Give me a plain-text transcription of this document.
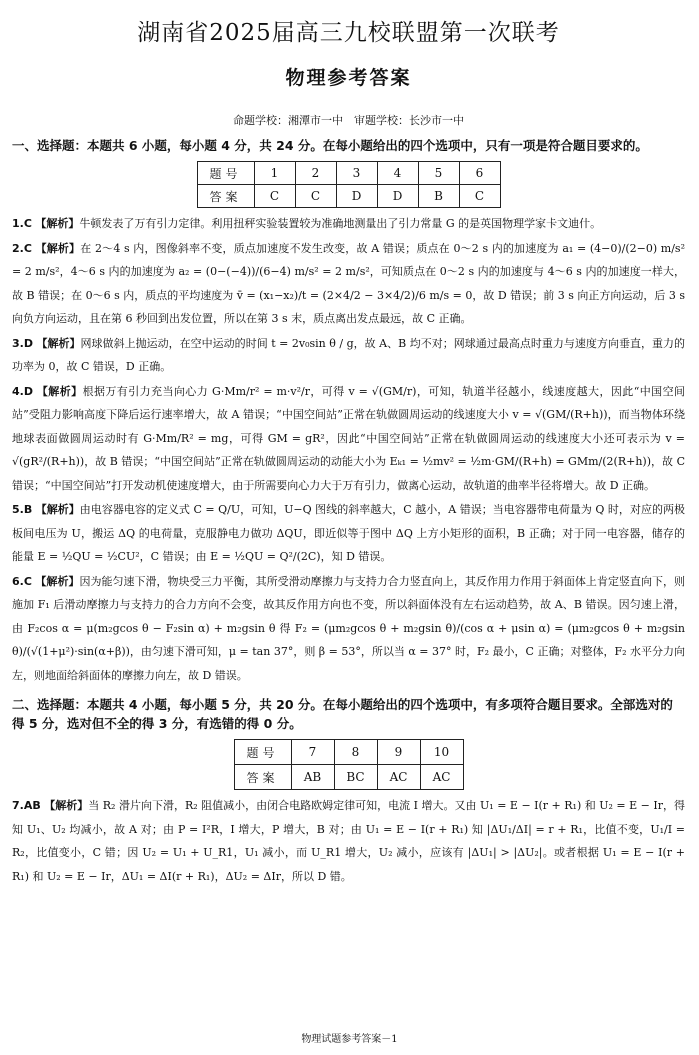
湖南省2025届高三九校联盟第一次联考
物理参考答案
命题学校：湘潭市一中　审题学校：长沙市一中
一、选择题：本题共 6 小题，每小题 4 分，共 24 分。在每小题给出的四个选项中，只有一项是符合题目要求的。
题号	1	2	3	4	5	6
答案	C	C	D	D	B	C
1.C 【解析】牛顿发表了万有引力定律。利用扭秤实验装置较为准确地测量出了引力常量 G 的是英国物理学家卡文迪什。
2.C 【解析】在 2～4 s 内，图像斜率不变，质点加速度不发生改变，故 A 错误；质点在 0～2 s 内的加速度为 a₁ = (4−0)/(2−0) m/s² = 2 m/s²，4～6 s 内的加速度为 a₂ = (0−(−4))/(6−4) m/s² = 2 m/s²，可知质点在 0～2 s 内的加速度与 4～6 s 内的加速度一样大，故 B 错误；在 0～6 s 内，质点的平均速度为 v̄ = (x₁−x₂)/t = (2×4/2 − 3×4/2)/6 m/s = 0，故 D 错误；前 3 s 向正方向运动，后 3 s 向负方向运动，且在第 6 秒回到出发位置，所以在第 3 s 末，质点离出发点最远，故 C 正确。
3.D 【解析】网球做斜上抛运动，在空中运动的时间 t = 2v₀sin θ / g，故 A、B 均不对；网球通过最高点时重力与速度方向垂直，重力的功率为 0，故 C 错误，D 正确。
4.D 【解析】根据万有引力充当向心力 G·Mm/r² = m·v²/r，可得 v = √(GM/r)，可知，轨道半径越小，线速度越大，因此“中国空间站”受阻力影响高度下降后运行速率增大，故 A 错误；“中国空间站”正常在轨做圆周运动的线速度大小 v = √(GM/(R+h))，而当物体环绕地球表面做圆周运动时有 G·Mm/R² = mg，可得 GM = gR²，因此“中国空间站”正常在轨做圆周运动的线速度大小还可表示为 v = √(gR²/(R+h))，故 B 错误；“中国空间站”正常在轨做圆周运动的动能大小为 Eₖ₁ = ½mv² = ½m·GM/(R+h) = GMm/(2(R+h))，故 C 错误；“中国空间站”打开发动机使速度增大，由于所需要向心力大于万有引力，做离心运动，故轨道的曲率半径将增大。故 D 正确。
5.B 【解析】由电容器电容的定义式 C = Q/U，可知，U−Q 图线的斜率越大，C 越小，A 错误；当电容器带电荷量为 Q 时，对应的两极板间电压为 U，搬运 ΔQ 的电荷量，克服静电力做功 ΔQU，即近似等于图中 ΔQ 上方小矩形的面积，B 正确；对于同一电容器，储存的能量 E = ½QU = ½CU²，C 错误；由 E = ½QU = Q²/(2C)，知 D 错误。
6.C 【解析】因为能匀速下滑，物块受三力平衡，其所受滑动摩擦力与支持力合力竖直向上，其反作用力作用于斜面体上肯定竖直向下，则施加 F₁ 后滑动摩擦力与支持力的合力方向不会变，故其反作用方向也不变，所以斜面体没有左右运动趋势，故 A、B 错误。因匀速上滑，由 F₂cos α = μ(m₂gcos θ − F₂sin α) + m₂gsin θ 得 F₂ = (μm₂gcos θ + m₂gsin θ)/(cos α + μsin α) = (μm₂gcos θ + m₂gsin θ)/(√(1+μ²)·sin(α+β))，由匀速下滑可知，μ = tan 37°，则 β = 53°，所以当 α = 37° 时，F₂ 最小，C 正确；对整体，F₂ 水平分力向左，则地面给斜面体的摩擦力向左，故 D 错误。
二、选择题：本题共 4 小题，每小题 5 分，共 20 分。在每小题给出的四个选项中，有多项符合题目要求。全部选对的得 5 分，选对但不全的得 3 分，有选错的得 0 分。
题号	7	8	9	10
答案	AB	BC	AC	AC
7.AB 【解析】当 R₂ 滑片向下滑，R₂ 阻值减小，由闭合电路欧姆定律可知，电流 I 增大。又由 U₁ = E − I(r + R₁) 和 U₂ = E − Ir，得知 U₁、U₂ 均减小，故 A 对；由 P = I²R，I 增大，P 增大，B 对；由 U₁ = E − I(r + R₁) 知 |ΔU₁/ΔI| = r + R₁，比值不变，U₁/I = R₂，比值变小，C 错；因 U₂ = U₁ + U_R1，U₁ 减小，而 U_R1 增大，U₂ 减小，应该有 |ΔU₁| > |ΔU₂|。或者根据 U₁ = E − I(r + R₁) 和 U₂ = E − Ir，ΔU₁ = ΔI(r + R₁)，ΔU₂ = ΔIr，所以 D 错。
物理试题参考答案－1
